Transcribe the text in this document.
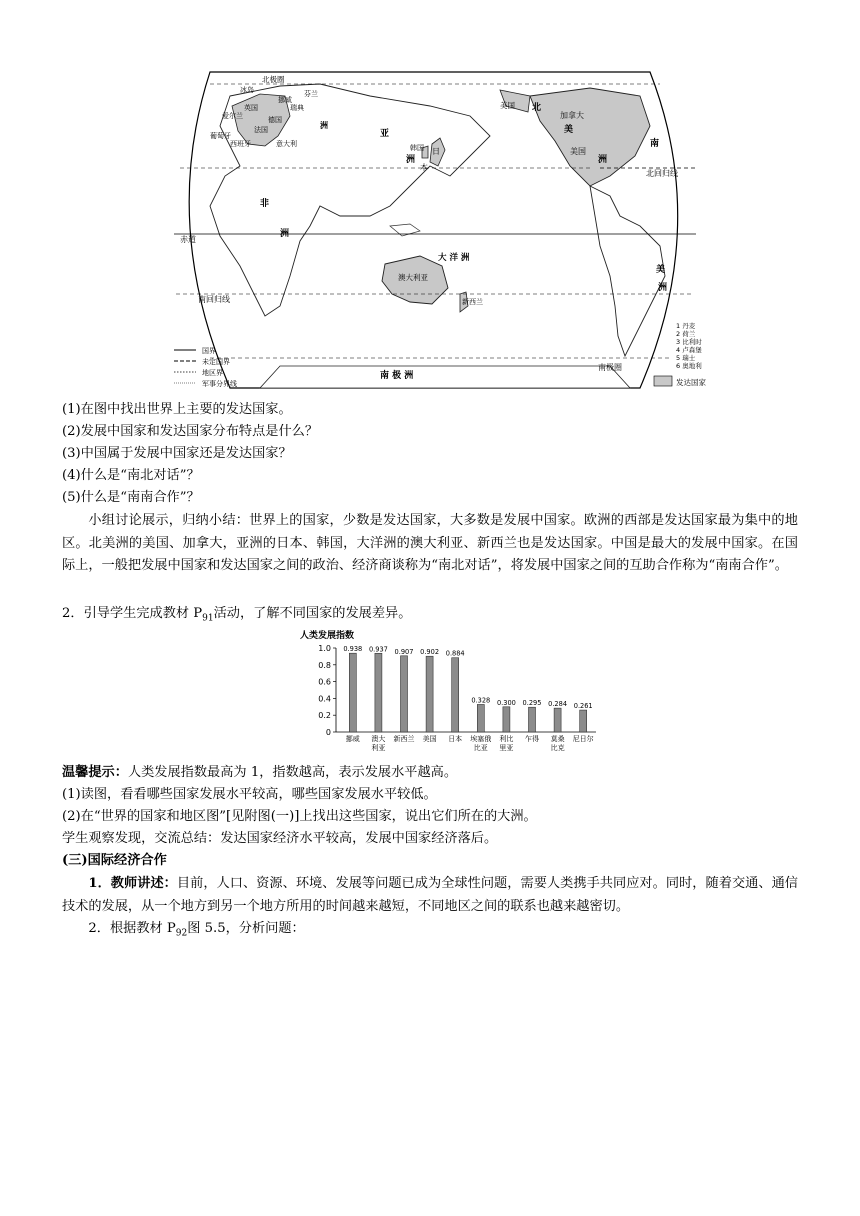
北极圈
冰岛
爱尔兰
英国
挪威
瑞典
芬兰
法国
西班牙
葡萄牙
意大利
德国
洲
亚
洲
日
本
韩国
非
洲
美国
加拿大
美国
北
美
洲
南
美
洲
北回归线
赤道
南回归线
大 洋 洲
澳大利亚
新西兰
南极圈
南 极 洲
国界
未定国界
地区界
军事分界线
1 丹麦
2 荷兰
3 比利时
4 卢森堡
5 瑞士
6 奥地利
发达国家
(1)在图中找出世界上主要的发达国家。
(2)发展中国家和发达国家分布特点是什么？
(3)中国属于发展中国家还是发达国家？
(4)什么是“南北对话”？
(5)什么是“南南合作”？
小组讨论展示，归纳小结：世界上的国家，少数是发达国家，大多数是发展中国家。欧洲的西部是发达国家最为集中的地区。北美洲的美国、加拿大，亚洲的日本、韩国，大洋洲的澳大利亚、新西兰也是发达国家。中国是最大的发展中国家。在国际上，一般把发展中国家和发达国家之间的政治、经济商谈称为“南北对话”，将发展中国家之间的互助合作称为“南南合作”。
2．引导学生完成教材 $P_{91}$活动，了解不同国家的发展差异。
人类发展指数
0
0.2
0.4
0.6
0.8
1.0 0.938
挪威
0.937
澳大
利亚
0.907
新西兰
0.902
美国
0.884
日本
0.328
埃塞俄
比亚
0.300
利比
里亚
0.295
乍得
0.284
莫桑
比克
0.261
尼日尔
温馨提示：人类发展指数最高为 1，指数越高，表示发展水平越高。
(1)读图，看看哪些国家发展水平较高，哪些国家发展水平较低。
(2)在“世界的国家和地区图”[见附图(一)]上找出这些国家，说出它们所在的大洲。
学生观察发现，交流总结：发达国家经济水平较高，发展中国家经济落后。
(三)国际经济合作
1．教师讲述：目前，人口、资源、环境、发展等问题已成为全球性问题，需要人类携手共同应对。同时，随着交通、通信技术的发展，从一个地方到另一个地方所用的时间越来越短，不同地区之间的联系也越来越密切。
2．根据教材 $P_{92}$图 5.5，分析问题：
